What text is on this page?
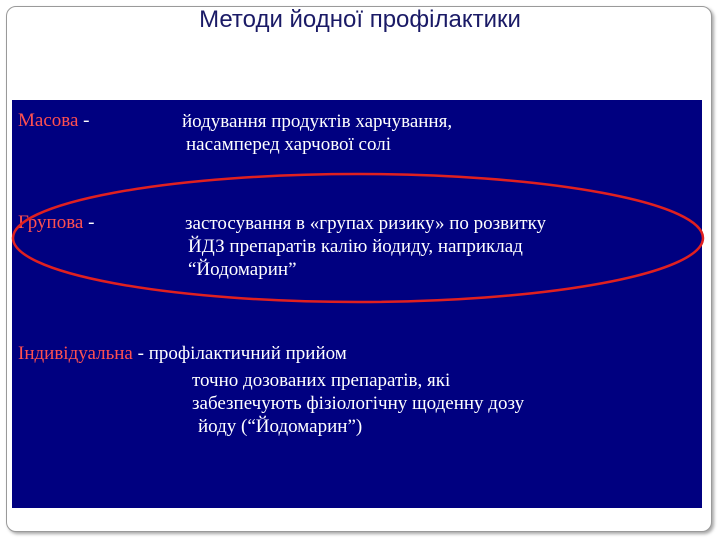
Методи йодної профілактики
Масова -	йодування продуктів харчування,
насамперед харчової солі
Групова -	застосування в «групах ризику» по розвитку
ЙДЗ препаратів калію йодиду, наприклад
“Йодомарин”
Індивідуальна - профілактичний прийом
точно дозованих препаратів, які
забезпечують фізіологічну щоденну дозу
йоду (“Йодомарин”)
